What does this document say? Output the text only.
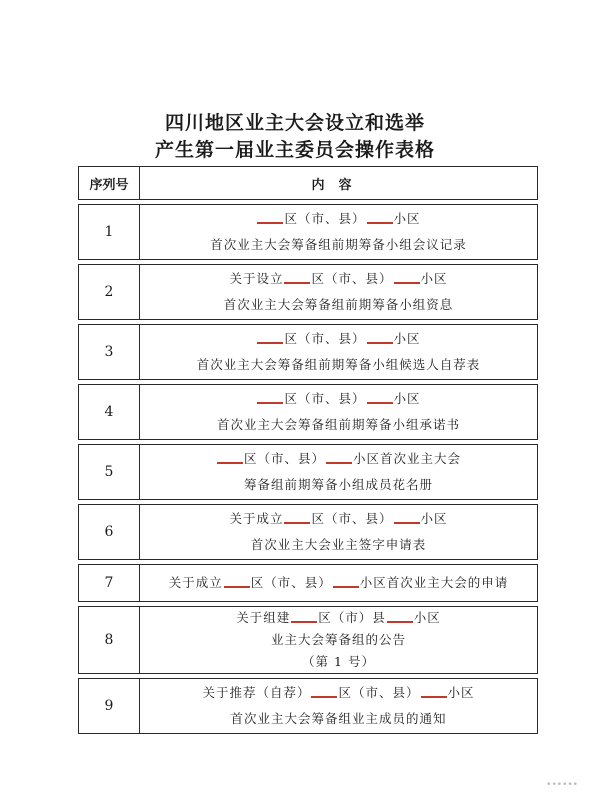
四川地区业主大会设立和选举
产生第一届业主委员会操作表格
序列号	内容
1	区（市、县） 小区
首次业主大会筹备组前期筹备小组会议记录

2	关于设立 区（市、县） 小区
首次业主大会筹备组前期筹备小组资息

3	区（市、县） 小区
首次业主大会筹备组前期筹备小组候选人自荐表

4	区（市、县） 小区
首次业主大会筹备组前期筹备小组承诺书

5	区（市、县） 小区首次业主大会
筹备组前期筹备小组成员花名册

6	关于成立 区（市、县） 小区
首次业主大会业主签字申请表

7	关于成立 区（市、县） 小区首次业主大会的申请

8	关于组建 区（市）县 小区
业主大会筹备组的公告
（第 1 号）

9	关于推荐（自荐） 区（市、县） 小区
首次业主大会筹备组业主成员的通知
••••••
